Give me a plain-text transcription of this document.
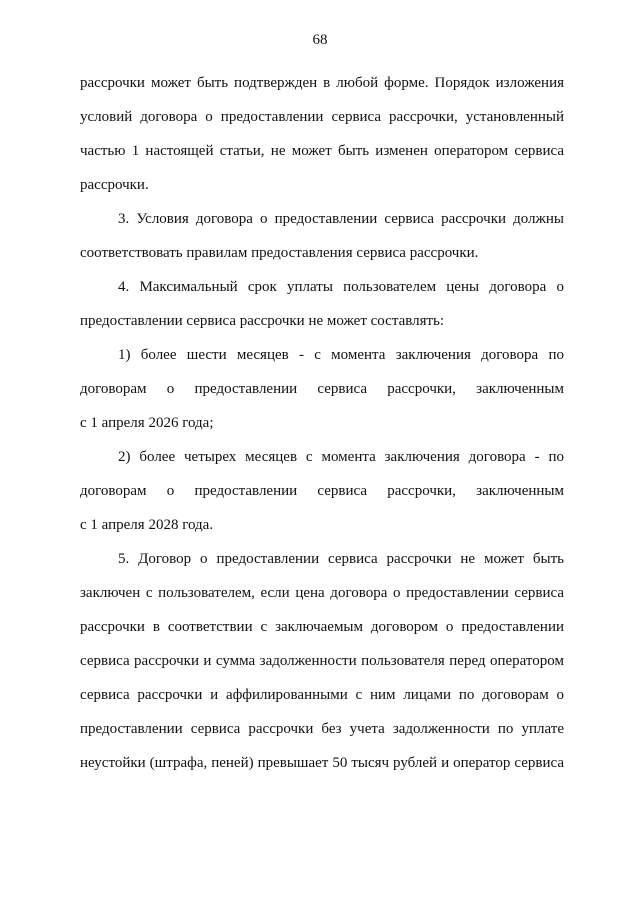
68
рассрочки может быть подтвержден в любой форме. Порядок изложения
условий договора о предоставлении сервиса рассрочки, установленный
частью 1 настоящей статьи, не может быть изменен оператором сервиса
рассрочки.
3. Условия договора о предоставлении сервиса рассрочки должны
соответствовать правилам предоставления сервиса рассрочки.
4. Максимальный срок уплаты пользователем цены договора о
предоставлении сервиса рассрочки не может составлять:
1) более шести месяцев - с момента заключения договора по
договорам о предоставлении сервиса рассрочки, заключенным
с 1 апреля 2026 года;
2) более четырех месяцев с момента заключения договора - по
договорам о предоставлении сервиса рассрочки, заключенным
с 1 апреля 2028 года.
5. Договор о предоставлении сервиса рассрочки не может быть
заключен с пользователем, если цена договора о предоставлении сервиса
рассрочки в соответствии с заключаемым договором о предоставлении
сервиса рассрочки и сумма задолженности пользователя перед оператором
сервиса рассрочки и аффилированными с ним лицами по договорам о
предоставлении сервиса рассрочки без учета задолженности по уплате
неустойки (штрафа, пеней) превышает 50 тысяч рублей и оператор сервиса
